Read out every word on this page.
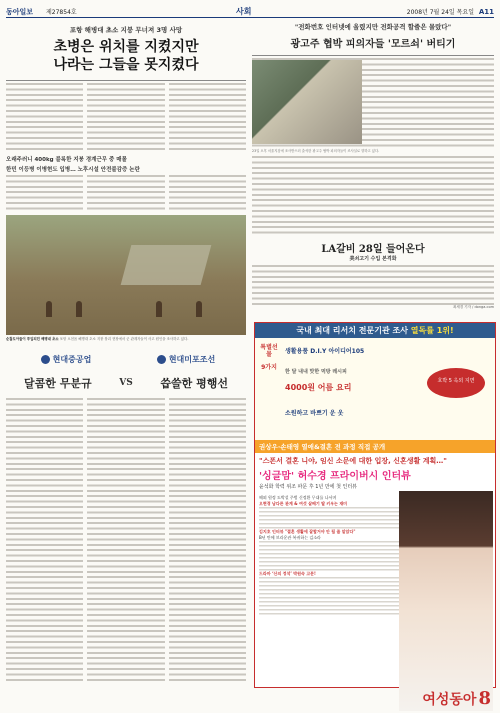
동아일보 제27854호	사회	2008년 7월 24일 목요일 A11
포항 해병대 초소 지붕 무너져 3명 사망
초병은 위치를 지켰지만
나라는 그들을 못지켰다
오래주러니 400kg 블록한 지붕 경계근무 중 매몰
한민 이등병 이병현도 입병… 노후시설 안전불감증 논란
순찰도아들이 투입되던 해병대 초소 포항 오천읍 해병대 초소 지붕 붕괴 현장에서 군 관계자들이 사고 원인을 조사하고 있다.
"전화번호 인터넷에 올렸지만 전화공격 할줄은 몰랐다"
광고주 협박 피의자들 '모르쇠' 버티기
23일 오후 서울지검에 조사받으러 출석한 광고주 협박 피의자들이 조사실로 향하고 있다.
LA갈비 28일 들어온다
美쇠고기 수입 본격화
최세경 기자 / donga.com
현대중공업	현대미포조선
달콤한 무분규	VS	씁쓸한 평행선
국내 최대 리서치 전문기관 조사 열독률 1위!
특별선물
9가지
생활용품 D.I.Y 아이디어105
한 달 내내 맛한 먹방 레시피
4000원 어름 요리
소원하고 바쁘기 운 옷
호박 5 옥외 지면
권상우·손태영 열애&결혼 전 과정 직접 공개
"스폰서 결혼 니야, 임신 소문에 대한 입장, 신혼생활 계획…"
'싱글맘' 허수경 프라이버시 인터뷰
윤석화 학력 위조 파문 후 1년 만에 첫 인터뷰
해외 원정 도박설 주범 신정환 무대를 나서며
오현경 남다른 관계 & 여섯 살배기 딸 키우는 재미
김지호 인터뷰 "결혼 생활에 잘할거야 안 될 줄 알았다"
B년 만에 브라운관 복귀하는 김소라
드라마 ‘산의 정석’ 박원숙 고문!
여성동아 8
